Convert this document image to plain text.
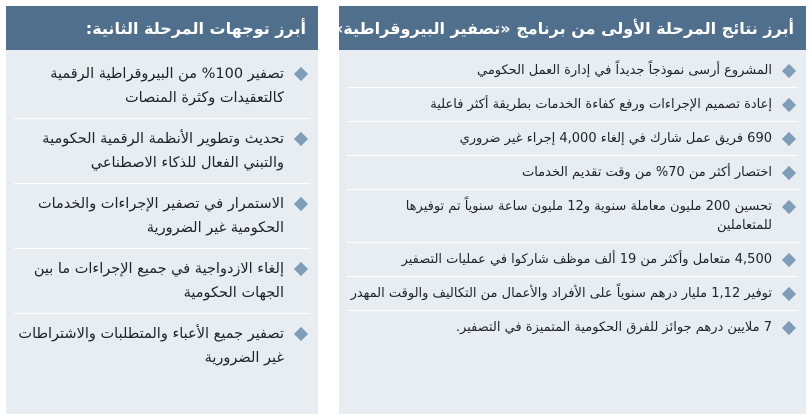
أبرز نتائج المرحلة الأولى من برنامج «تصفير البيروقراطية»:
المشروع أرسى نموذجاً جديداً في إدارة العمل الحكومي
إعادة تصميم الإجراءات ورفع كفاءة الخدمات بطريقة أكثر فاعلية
690 فريق عمل شارك في إلغاء 4,000 إجراء غير ضروري
اختصار أكثر من 70% من وقت تقديم الخدمات
تحسين 200 مليون معاملة سنوية و12 مليون ساعة سنوياً تم توفيرها للمتعاملين
4,500 متعامل وأكثر من 19 ألف موظف شاركوا في عمليات التصفير
توفير 1,12 مليار درهم سنوياً على الأفراد والأعمال من التكاليف والوقت المهدر
7 ملايين درهم جوائز للفرق الحكومية المتميزة في التصفير.
أبرز توجهات المرحلة الثانية:
تصفير 100% من البيروقراطية الرقمية كالتعقيدات وكثرة المنصات
تحديث وتطوير الأنظمة الرقمية الحكومية والتبني الفعال للذكاء الاصطناعي
الاستمرار في تصفير الإجراءات والخدمات الحكومية غير الضرورية
إلغاء الازدواجية في جميع الإجراءات ما بين الجهات الحكومية
تصفير جميع الأعباء والمتطلبات والاشتراطات غير الضرورية
